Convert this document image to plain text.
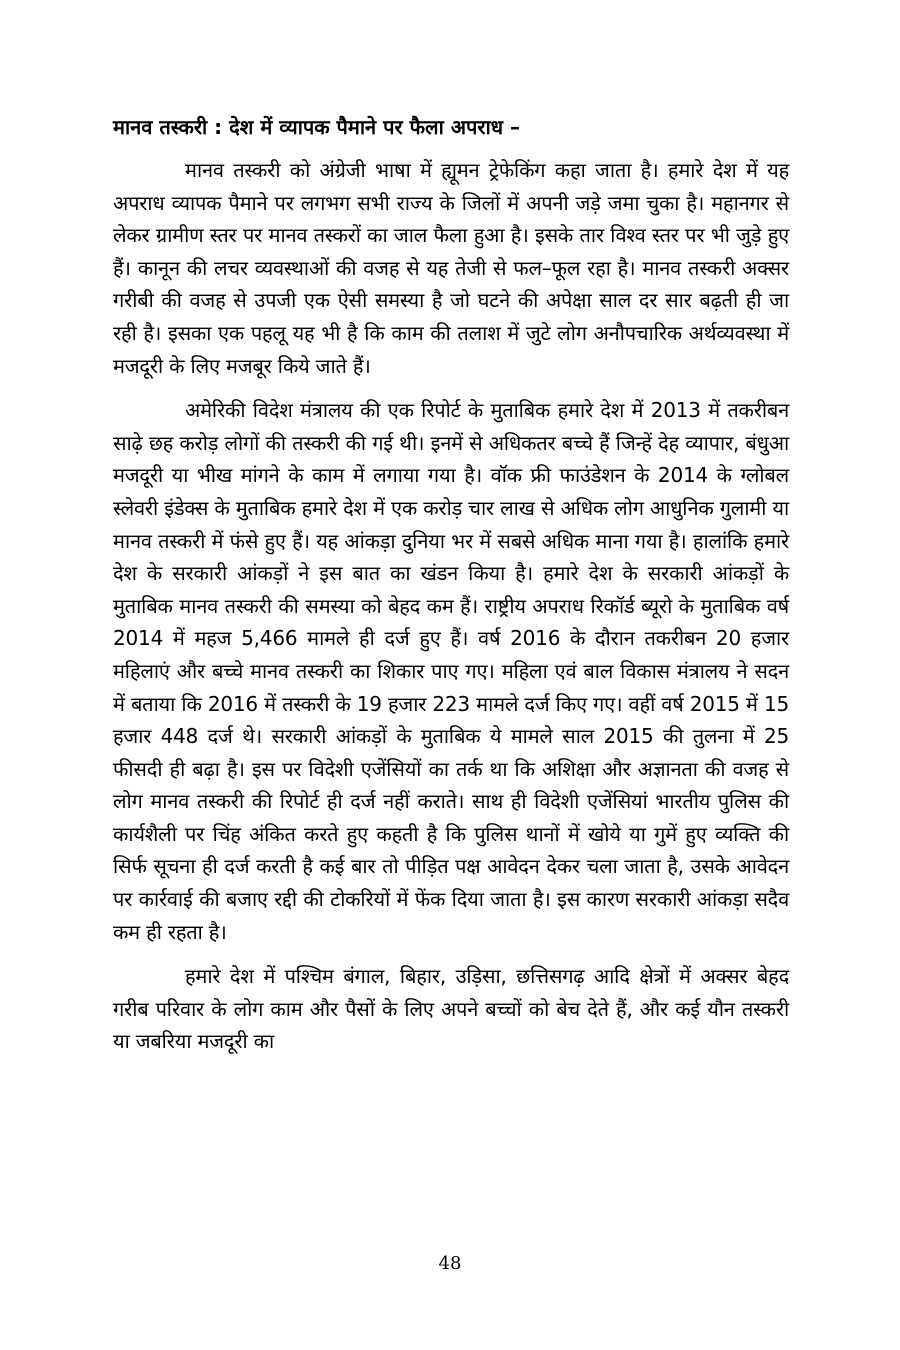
मानव तस्करी : देश में व्यापक पैमाने पर फैला अपराध –

मानव तस्करी को अंग्रेजी भाषा में ह्यूमन ट्रेफेकिंग कहा जाता है। हमारे देश में यह अपराध व्यापक पैमाने पर लगभग सभी राज्य के जिलों में अपनी जड़े जमा चुका है। महानगर से लेकर ग्रामीण स्तर पर मानव तस्करों का जाल फैला हुआ है। इसके तार विश्व स्तर पर भी जुड़े हुए हैं। कानून की लचर व्यवस्थाओं की वजह से यह तेजी से फल–फूल रहा है। मानव तस्करी अक्सर गरीबी की वजह से उपजी एक ऐसी समस्या है जो घटने की अपेक्षा साल दर सार बढ़ती ही जा रही है। इसका एक पहलू यह भी है कि काम की तलाश में जुटे लोग अनौपचारिक अर्थव्यवस्था में मजदूरी के लिए मजबूर किये जाते हैं।

अमेरिकी विदेश मंत्रालय की एक रिपोर्ट के मुताबिक हमारे देश में 2013 में तकरीबन साढ़े छह करोड़ लोगों की तस्करी की गई थी। इनमें से अधिकतर बच्चे हैं जिन्हें देह व्यापार, बंधुआ मजदूरी या भीख मांगने के काम में लगाया गया है। वॉक फ्री फाउंडेशन के 2014 के ग्लोबल स्लेवरी इंडेक्स के मुताबिक हमारे देश में एक करोड़ चार लाख से अधिक लोग आधुनिक गुलामी या मानव तस्करी में फंसे हुए हैं। यह आंकड़ा दुनिया भर में सबसे अधिक माना गया है। हालांकि हमारे देश के सरकारी आंकड़ों ने इस बात का खंडन किया है। हमारे देश के सरकारी आंकड़ों के मुताबिक मानव तस्करी की समस्या को बेहद कम हैं। राष्ट्रीय अपराध रिकॉर्ड ब्यूरो के मुताबिक वर्ष 2014 में महज 5,466 मामले ही दर्ज हुए हैं। वर्ष 2016 के दौरान तकरीबन 20 हजार महिलाएं और बच्चे मानव तस्करी का शिकार पाए गए। महिला एवं बाल विकास मंत्रालय ने सदन में बताया कि 2016 में तस्करी के 19 हजार 223 मामले दर्ज किए गए। वहीं वर्ष 2015 में 15 हजार 448 दर्ज थे। सरकारी आंकड़ों के मुताबिक ये मामले साल 2015 की तुलना में 25 फीसदी ही बढ़ा है। इस पर विदेशी एजेंसियों का तर्क था कि अशिक्षा और अज्ञानता की वजह से लोग मानव तस्करी की रिपोर्ट ही दर्ज नहीं कराते। साथ ही विदेशी एजेंसियां भारतीय पुलिस की कार्यशैली पर चिंह अंकित करते हुए कहती है कि पुलिस थानों में खोये या गुमें हुए व्यक्ति की सिर्फ सूचना ही दर्ज करती है कई बार तो पीड़ित पक्ष आवेदन देकर चला जाता है, उसके आवेदन पर कार्रवाई की बजाए रद्दी की टोकरियों में फेंक दिया जाता है। इस कारण सरकारी आंकड़ा सदैव कम ही रहता है।

हमारे देश में पश्चिम बंगाल, बिहार, उड़िसा, छत्तिसगढ़ आदि क्षेत्रों में अक्सर बेहद गरीब परिवार के लोग काम और पैसों के लिए अपने बच्चों को बेच देते हैं, और कई यौन तस्करी या जबरिया मजदूरी का

48
